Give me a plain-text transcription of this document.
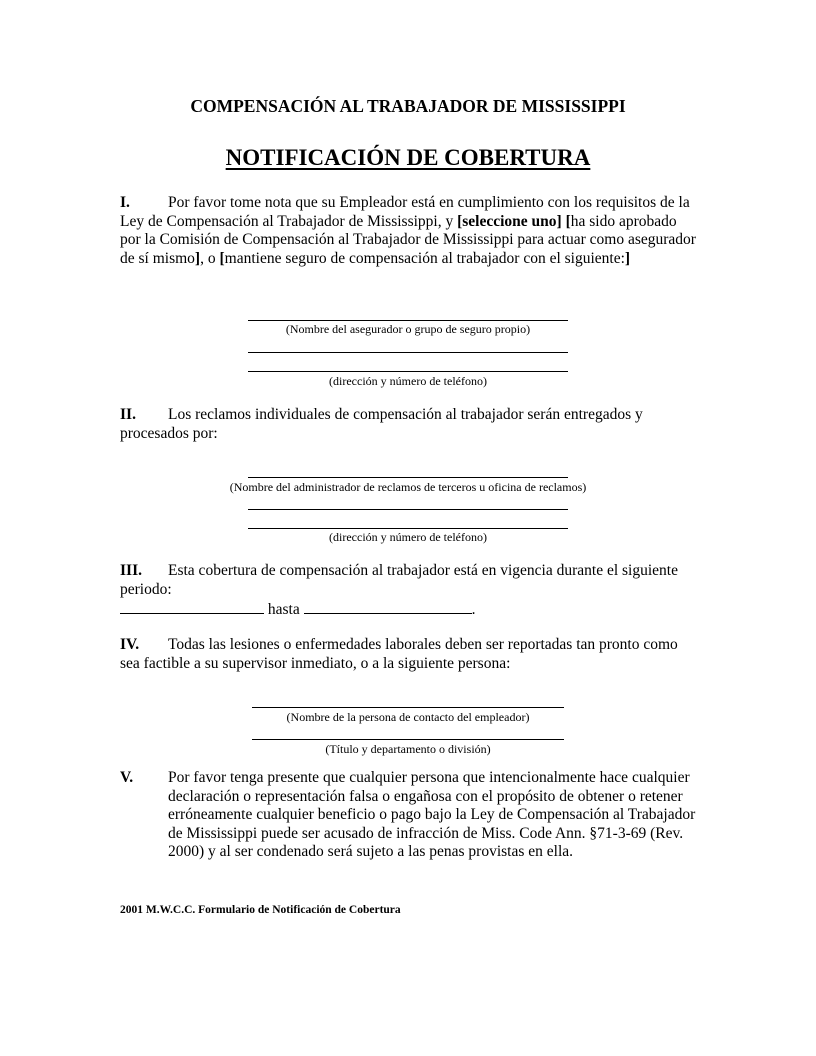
COMPENSACIÓN AL TRABAJADOR DE MISSISSIPPI
NOTIFICACIÓN DE COBERTURA
I. Por favor tome nota que su Empleador está en cumplimiento con los requisitos de la Ley de Compensación al Trabajador de Mississippi, y [seleccione uno] [ha sido aprobado por la Comisión de Compensación al Trabajador de Mississippi para actuar como asegurador de sí mismo], o [mantiene seguro de compensación al trabajador con el siguiente:]
(Nombre del asegurador o grupo de seguro propio)
(dirección y número de teléfono)
II. Los reclamos individuales de compensación al trabajador serán entregados y procesados por:
(Nombre del administrador de reclamos de terceros u oficina de reclamos)
(dirección y número de teléfono)
III. Esta cobertura de compensación al trabajador está en vigencia durante el siguiente periodo:
hasta	.
IV. Todas las lesiones o enfermedades laborales deben ser reportadas tan pronto como sea factible a su supervisor inmediato, o a la siguiente persona:
(Nombre de la persona de contacto del empleador)
(Título y departamento o división)
V.	Por favor tenga presente que cualquier persona que intencionalmente hace cualquier declaración o representación falsa o engañosa con el propósito de obtener o retener erróneamente cualquier beneficio o pago bajo la Ley de Compensación al Trabajador de Mississippi puede ser acusado de infracción de Miss. Code Ann. §71-3-69 (Rev. 2000) y al ser condenado será sujeto a las penas provistas en ella.
2001 M.W.C.C. Formulario de Notificación de Cobertura
